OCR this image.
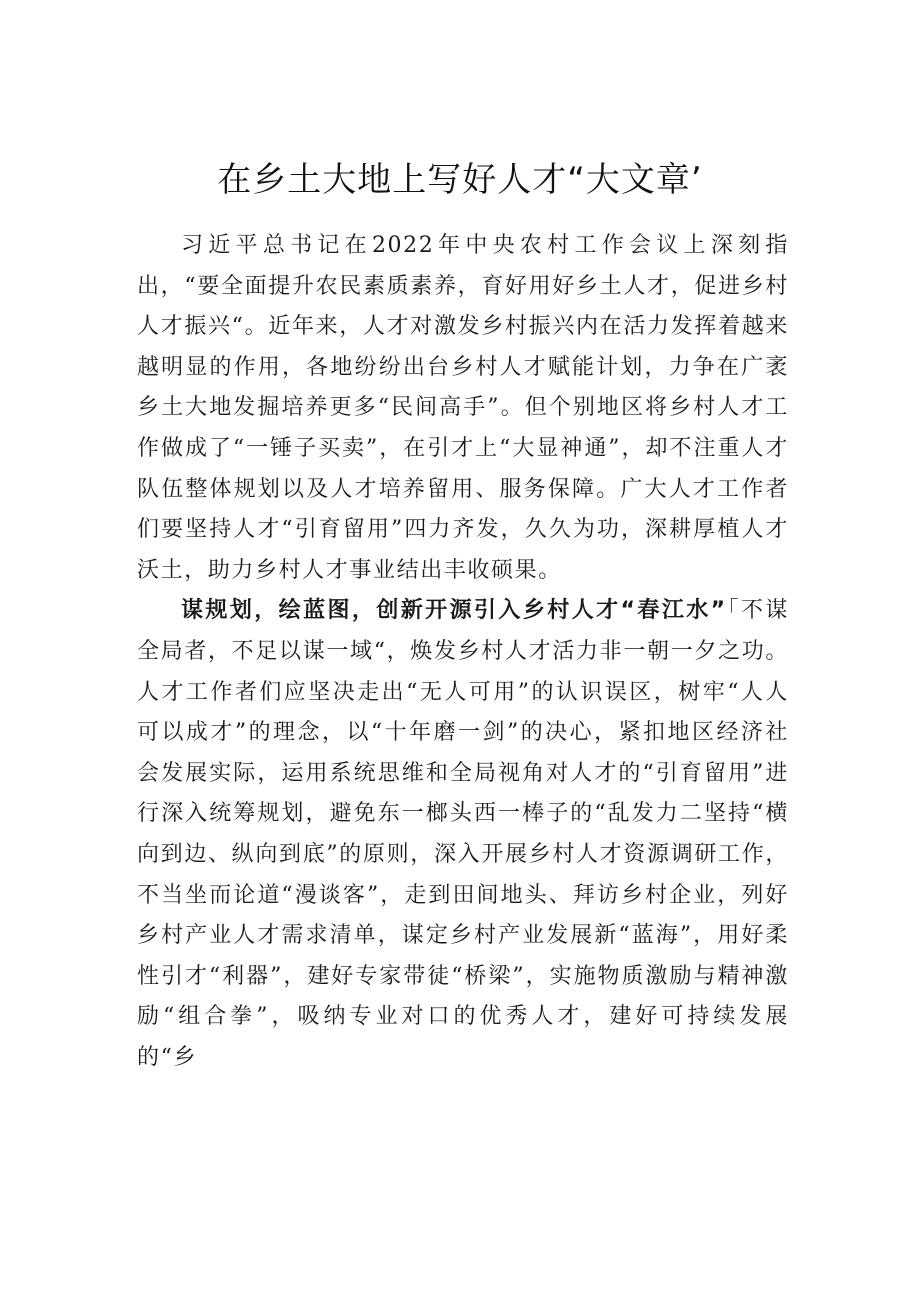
在乡土大地上写好人才“大文章’

习近平总书记在2022年中央农村工作会议上深刻指出，“要全面提升农民素质素养，育好用好乡土人才，促进乡村人才振兴“。近年来，人才对激发乡村振兴内在活力发挥着越来越明显的作用，各地纷纷出台乡村人才赋能计划，力争在广袤乡土大地发掘培养更多“民间高手”。但个别地区将乡村人才工作做成了“一锤子买卖”，在引才上“大显神通”，却不注重人才队伍整体规划以及人才培养留用、服务保障。广大人才工作者们要坚持人才“引育留用”四力齐发，久久为功，深耕厚植人才沃土，助力乡村人才事业结出丰收硕果。

谋规划，绘蓝图，创新开源引入乡村人才“春江水”「不谋全局者，不足以谋一域“，焕发乡村人才活力非一朝一夕之功。人才工作者们应坚决走出“无人可用”的认识误区，树牢“人人可以成才”的理念，以“十年磨一剑”的决心，紧扣地区经济社会发展实际，运用系统思维和全局视角对人才的“引育留用”进行深入统筹规划，避免东一榔头西一棒子的“乱发力二坚持“横向到边、纵向到底”的原则，深入开展乡村人才资源调研工作，不当坐而论道“漫谈客”，走到田间地头、拜访乡村企业，列好乡村产业人才需求清单，谋定乡村产业发展新“蓝海”，用好柔性引才“利器”，建好专家带徒“桥梁”，实施物质激励与精神激励“组合拳”，吸纳专业对口的优秀人才，建好可持续发展的“乡
